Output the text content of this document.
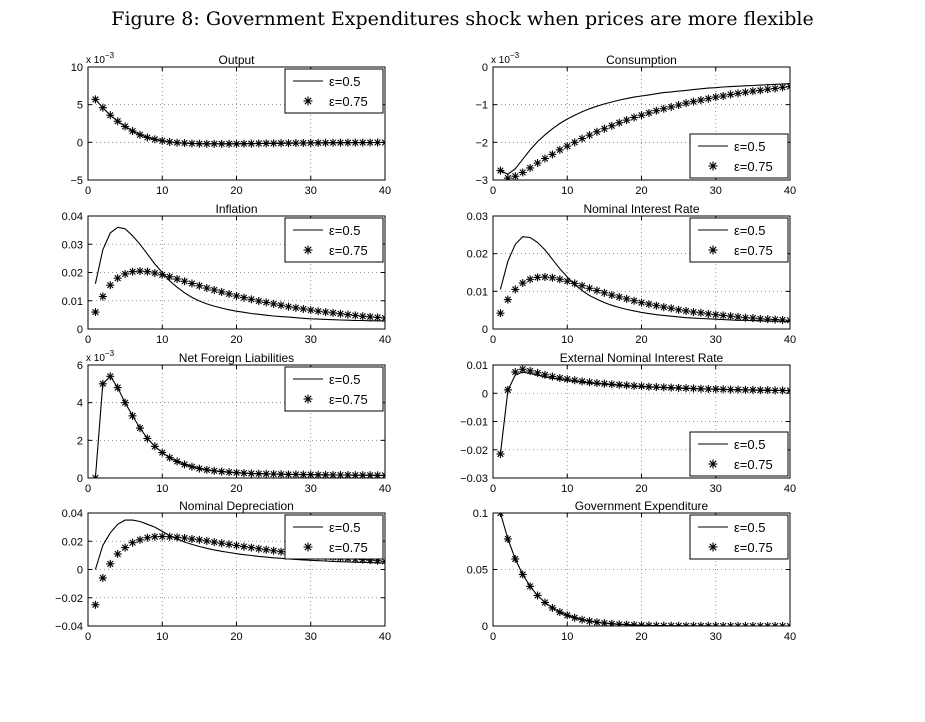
Figure 8: Government Expenditures shock when prices are more flexible
0	10	20	30	40
−5
0
5
10
Output
x $10^{-3}$
ε=0.5
ε=0.75
0	10	20	30	40
−3
−2
−1
0
Consumption
x $10^{-3}$
ε=0.5
ε=0.75
0	10	20	30	40
0
0.01
0.02
0.03
0.04
Inflation
ε=0.5
ε=0.75
0	10	20	30	40
0
0.01
0.02
0.03
Nominal Interest Rate
ε=0.5
ε=0.75
0	10	20	30	40
0
2
4
6
Net Foreign Liabilities
x $10^{-3}$
ε=0.5
ε=0.75
0	10	20	30	40
−0.03
−0.02
−0.01
0
0.01
External Nominal Interest Rate
ε=0.5
ε=0.75
0	10	20	30	40
−0.04
−0.02
0
0.02
0.04
Nominal Depreciation
ε=0.5
ε=0.75
0	10	20	30	40
0
0.05
0.1
Government Expenditure
ε=0.5
ε=0.75
